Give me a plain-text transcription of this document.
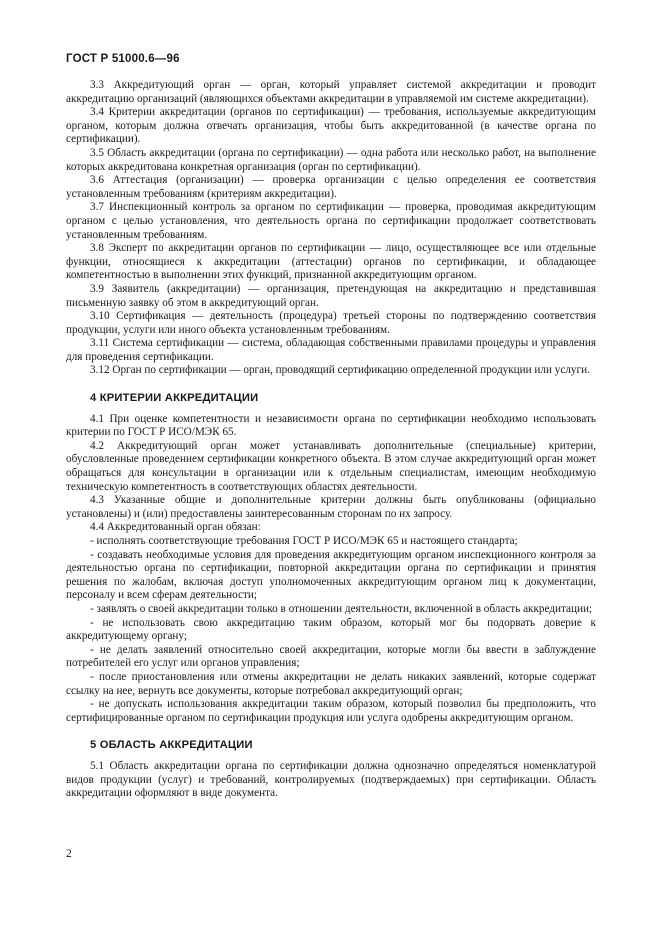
ГОСТ Р 51000.6—96

3.3 Аккредитующий орган — орган, который управляет системой аккредитации и проводит аккредитацию организаций (являющихся объектами аккредитации в управляемой им системе аккредитации).

3.4 Критерии аккредитации (органов по сертификации) — требования, используемые аккредитующим органом, которым должна отвечать организация, чтобы быть аккредитованной (в качестве органа по сертификации).

3.5 Область аккредитации (органа по сертификации) — одна работа или несколько работ, на выполнение которых аккредитована конкретная организация (орган по сертификации).

3.6 Аттестация (организации) — проверка организации с целью определения ее соответствия установленным требованиям (критериям аккредитации).

3.7 Инспекционный контроль за органом по сертификации — проверка, проводимая аккредитующим органом с целью установления, что деятельность органа по сертификации продолжает соответствовать установленным требованиям.

3.8 Эксперт по аккредитации органов по сертификации — лицо, осуществляющее все или отдельные функции, относящиеся к аккредитации (аттестации) органов по сертификации, и обладающее компетентностью в выполнении этих функций, признанной аккредитующим органом.

3.9 Заявитель (аккредитации) — организация, претендующая на аккредитацию и представившая письменную заявку об этом в аккредитующий орган.

3.10 Сертификация — деятельность (процедура) третьей стороны по подтверждению соответствия продукции, услуги или иного объекта установленным требованиям.

3.11 Система сертификации — система, обладающая собственными правилами процедуры и управления для проведения сертификации.

3.12 Орган по сертификации — орган, проводящий сертификацию определенной продукции или услуги.

4 КРИТЕРИИ АККРЕДИТАЦИИ

4.1 При оценке компетентности и независимости органа по сертификации необходимо использовать критерии по ГОСТ Р ИСО/МЭК 65.

4.2 Аккредитующий орган может устанавливать дополнительные (специальные) критерии, обусловленные проведением сертификации конкретного объекта. В этом случае аккредитующий орган может обращаться для консультации в организации или к отдельным специалистам, имеющим необходимую техническую компетентность в соответствующих областях деятельности.

4.3 Указанные общие и дополнительные критерии должны быть опубликованы (официально установлены) и (или) предоставлены заинтересованным сторонам по их запросу.

4.4 Аккредитованный орган обязан:

- исполнять соответствующие требования ГОСТ Р ИСО/МЭК 65 и настоящего стандарта;

- создавать необходимые условия для проведения аккредитующим органом инспекционного контроля за деятельностью органа по сертификации, повторной аккредитации органа по сертификации и принятия решения по жалобам, включая доступ уполномоченных аккредитующим органом лиц к документации, персоналу и всем сферам деятельности;

- заявлять о своей аккредитации только в отношении деятельности, включенной в область аккредитации;

- не использовать свою аккредитацию таким образом, который мог бы подорвать доверие к аккредитующему органу;

- не делать заявлений относительно своей аккредитации, которые могли бы ввести в заблуждение потребителей его услуг или органов управления;

- после приостановления или отмены аккредитации не делать никаких заявлений, которые содержат ссылку на нее, вернуть все документы, которые потребовал аккредитующий орган;

- не допускать использования аккредитации таким образом, который позволил бы предположить, что сертифицированные органом по сертификации продукция или услуга одобрены аккредитующим органом.

5 ОБЛАСТЬ АККРЕДИТАЦИИ

5.1 Область аккредитации органа по сертификации должна однозначно определяться номенклатурой видов продукции (услуг) и требований, контролируемых (подтверждаемых) при сертификации. Область аккредитации оформляют в виде документа.

2
